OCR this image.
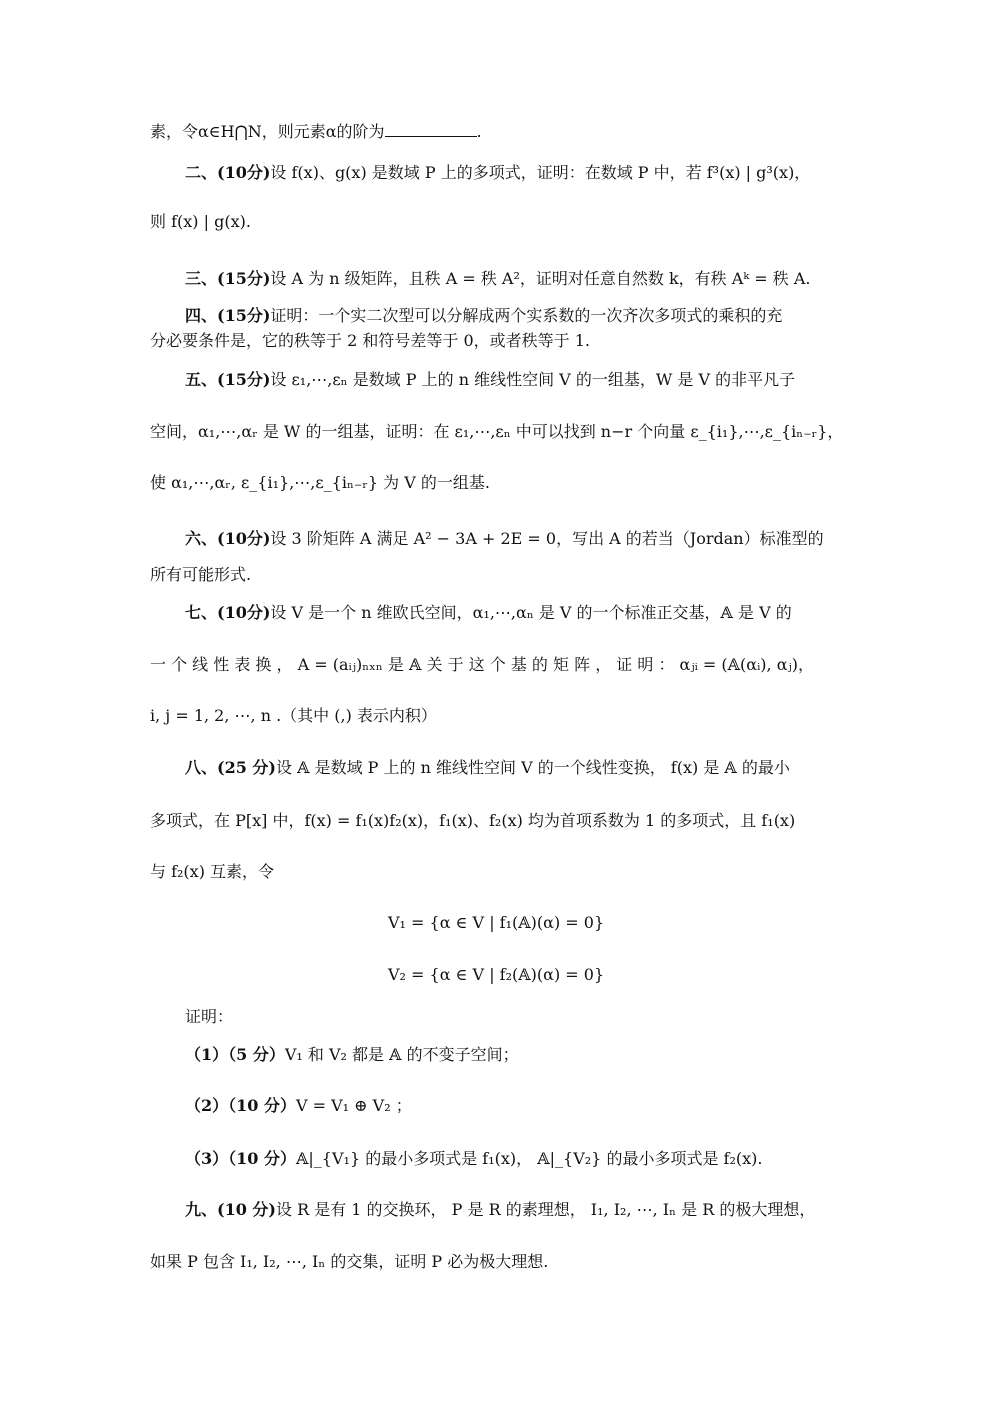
素，令α∈H⋂N，则元素α的阶为	.
二、(10分)设 f(x)、g(x) 是数域 P 上的多项式，证明：在数域 P 中，若 f³(x) | g³(x)，
则 f(x) | g(x).
三、(15分)设 A 为 n 级矩阵，且秩 A = 秩 A²，证明对任意自然数 k，有秩 Aᵏ = 秩 A.
四、(15分)证明：一个实二次型可以分解成两个实系数的一次齐次多项式的乘积的充
分必要条件是，它的秩等于 2 和符号差等于 0，或者秩等于 1.
五、(15分)设 ε₁,⋯,εₙ 是数域 P 上的 n 维线性空间 V 的一组基，W 是 V 的非平凡子
空间，α₁,⋯,αᵣ 是 W 的一组基，证明：在 ε₁,⋯,εₙ 中可以找到 n−r 个向量 ε_{i₁},⋯,ε_{iₙ₋ᵣ}，
使 α₁,⋯,αᵣ, ε_{i₁},⋯,ε_{iₙ₋ᵣ} 为 V 的一组基.
六、(10分)设 3 阶矩阵 A 满足 A² − 3A + 2E = 0，写出 A 的若当（Jordan）标准型的
所有可能形式.
七、(10分)设 V 是一个 n 维欧氏空间，α₁,⋯,αₙ 是 V 的一个标准正交基，𝔸 是 V 的
一 个 线 性 表 换 ， A = (aᵢⱼ)ₙₓₙ 是 𝔸 关 于 这 个 基 的 矩 阵 ， 证 明 ： αⱼᵢ = (𝔸(αᵢ), αⱼ)，
i, j = 1, 2, ⋯, n .（其中 (,) 表示内积）
八、(25 分)设 𝔸 是数域 P 上的 n 维线性空间 V 的一个线性变换， f(x) 是 𝔸 的最小
多项式，在 P[x] 中，f(x) = f₁(x)f₂(x)，f₁(x)、f₂(x) 均为首项系数为 1 的多项式，且 f₁(x)
与 f₂(x) 互素，令
V₁ = {α ∈ V | f₁(𝔸)(α) = 0}
V₂ = {α ∈ V | f₂(𝔸)(α) = 0}
证明：
（1）（5 分）V₁ 和 V₂ 都是 𝔸 的不变子空间；
（2）（10 分）V = V₁ ⊕ V₂ ；
（3）（10 分）𝔸|_{V₁} 的最小多项式是 f₁(x)， 𝔸|_{V₂} 的最小多项式是 f₂(x).
九、(10 分)设 R 是有 1 的交换环， P 是 R 的素理想， I₁, I₂, ⋯, Iₙ 是 R 的极大理想，
如果 P 包含 I₁, I₂, ⋯, Iₙ 的交集，证明 P 必为极大理想.
